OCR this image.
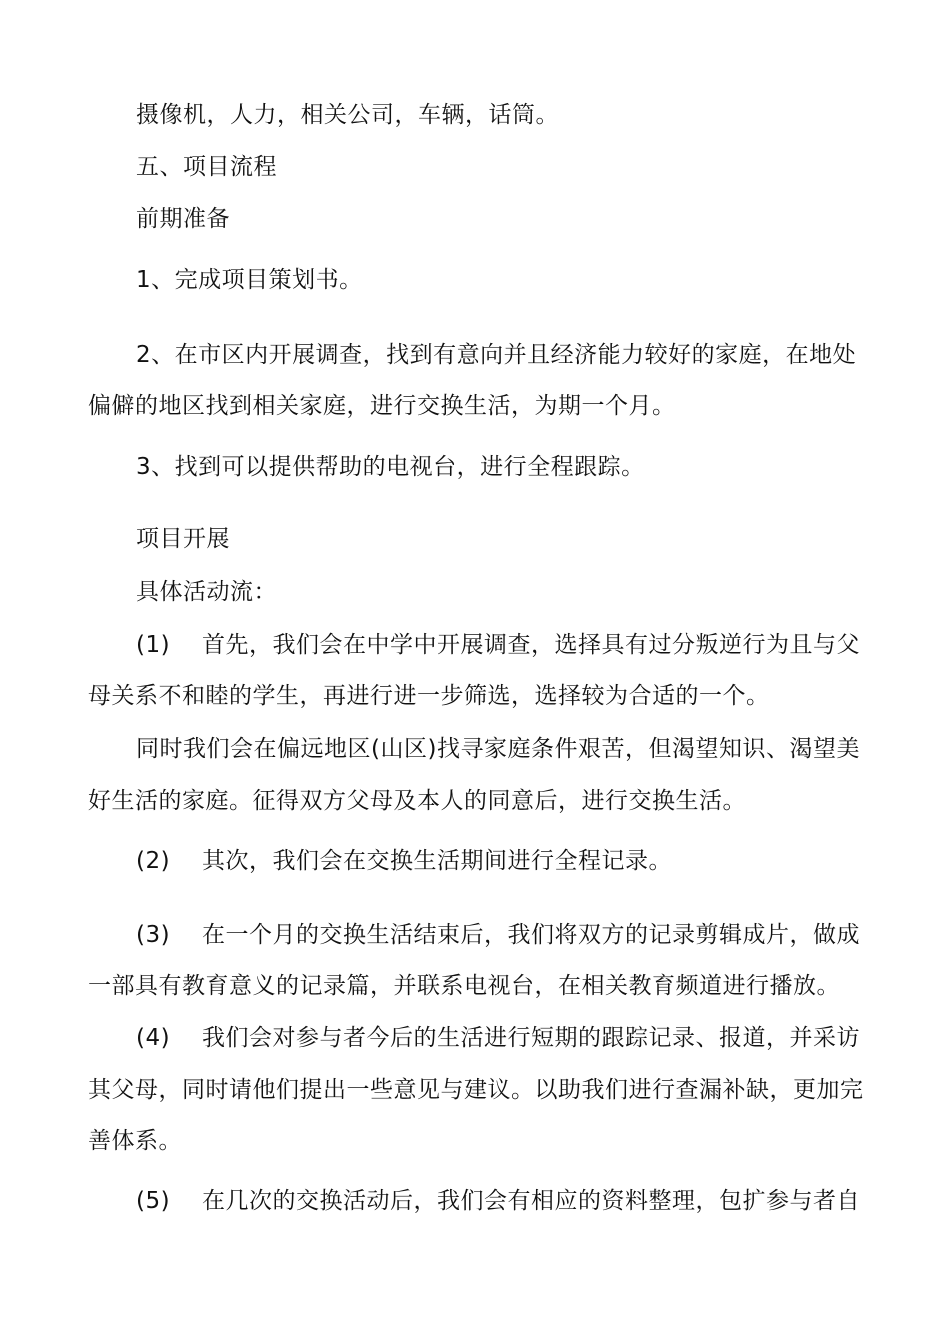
摄像机，人力，相关公司，车辆，话筒。
五、项目流程
前期准备
1、完成项目策划书。
2、在市区内开展调查，找到有意向并且经济能力较好的家庭，在地处
偏僻的地区找到相关家庭，进行交换生活，为期一个月。
3、找到可以提供帮助的电视台，进行全程跟踪。
项目开展
具体活动流：
(1) 首先，我们会在中学中开展调查，选择具有过分叛逆行为且与父
母关系不和睦的学生，再进行进一步筛选，选择较为合适的一个。
同时我们会在偏远地区(山区)找寻家庭条件艰苦，但渴望知识、渴望美
好生活的家庭。征得双方父母及本人的同意后，进行交换生活。
(2) 其次，我们会在交换生活期间进行全程记录。
(3) 在一个月的交换生活结束后，我们将双方的记录剪辑成片，做成
一部具有教育意义的记录篇，并联系电视台，在相关教育频道进行播放。
(4) 我们会对参与者今后的生活进行短期的跟踪记录、报道，并采访
其父母，同时请他们提出一些意见与建议。以助我们进行查漏补缺，更加完
善体系。
(5) 在几次的交换活动后，我们会有相应的资料整理，包扩参与者自
